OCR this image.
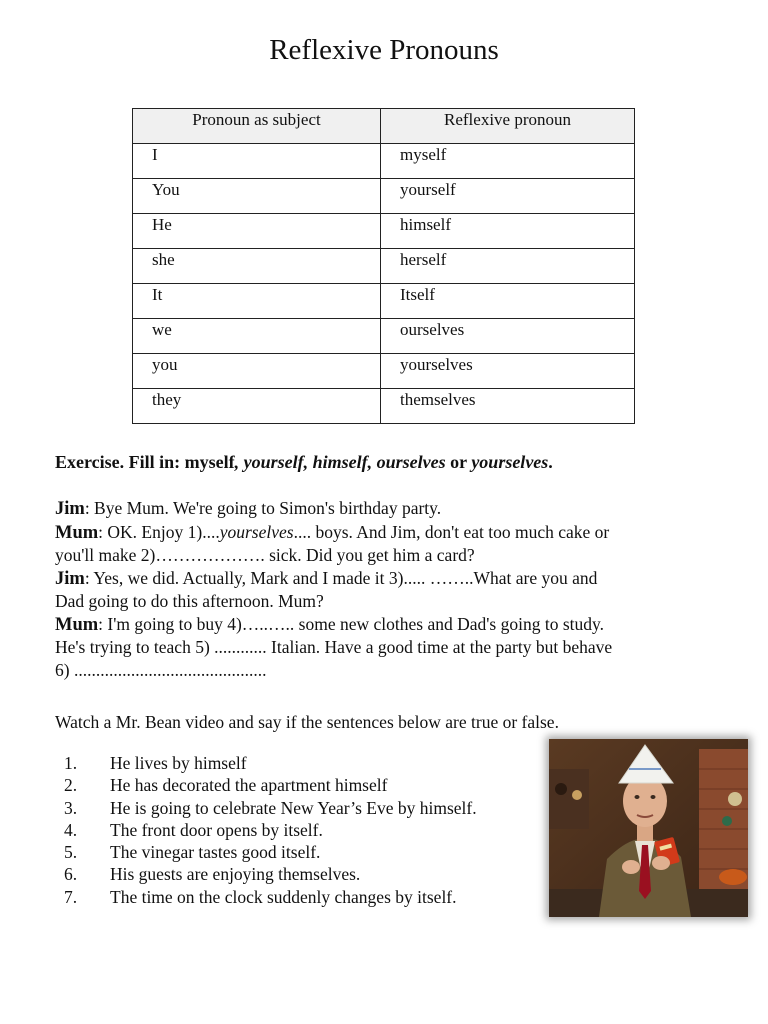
Reflexive Pronouns
Pronoun as subject	Reflexive pronoun
I	myself
You	yourself
He	himself
she	herself
It	Itself
we	ourselves
you	yourselves
they	themselves

Exercise. Fill in: myself, yourself, himself, ourselves or yourselves.

Jim: Bye Mum. We're going to Simon's birthday party.

Mum: OK. Enjoy 1)....yourselves.... boys. And Jim, don't eat too much cake or

you'll make 2)………………. sick. Did you get him a card?

Jim: Yes, we did. Actually, Mark and I made it 3)..... ……..What are you and

Dad going to do this afternoon. Mum?

Mum: I'm going to buy 4)…..….. some new clothes and Dad's going to study.

He's trying to teach 5) ............ Italian. Have a good time at the party but behave

6) ............................................

Watch a Mr. Bean video and say if the sentences below are true or false.

1. He lives by himself
2. He has decorated the apartment himself
3. He is going to celebrate New Year’s Eve by himself.
4. The front door opens by itself.
5. The vinegar tastes good itself.
6. His guests are enjoying themselves.
7. The time on the clock suddenly changes by itself.
